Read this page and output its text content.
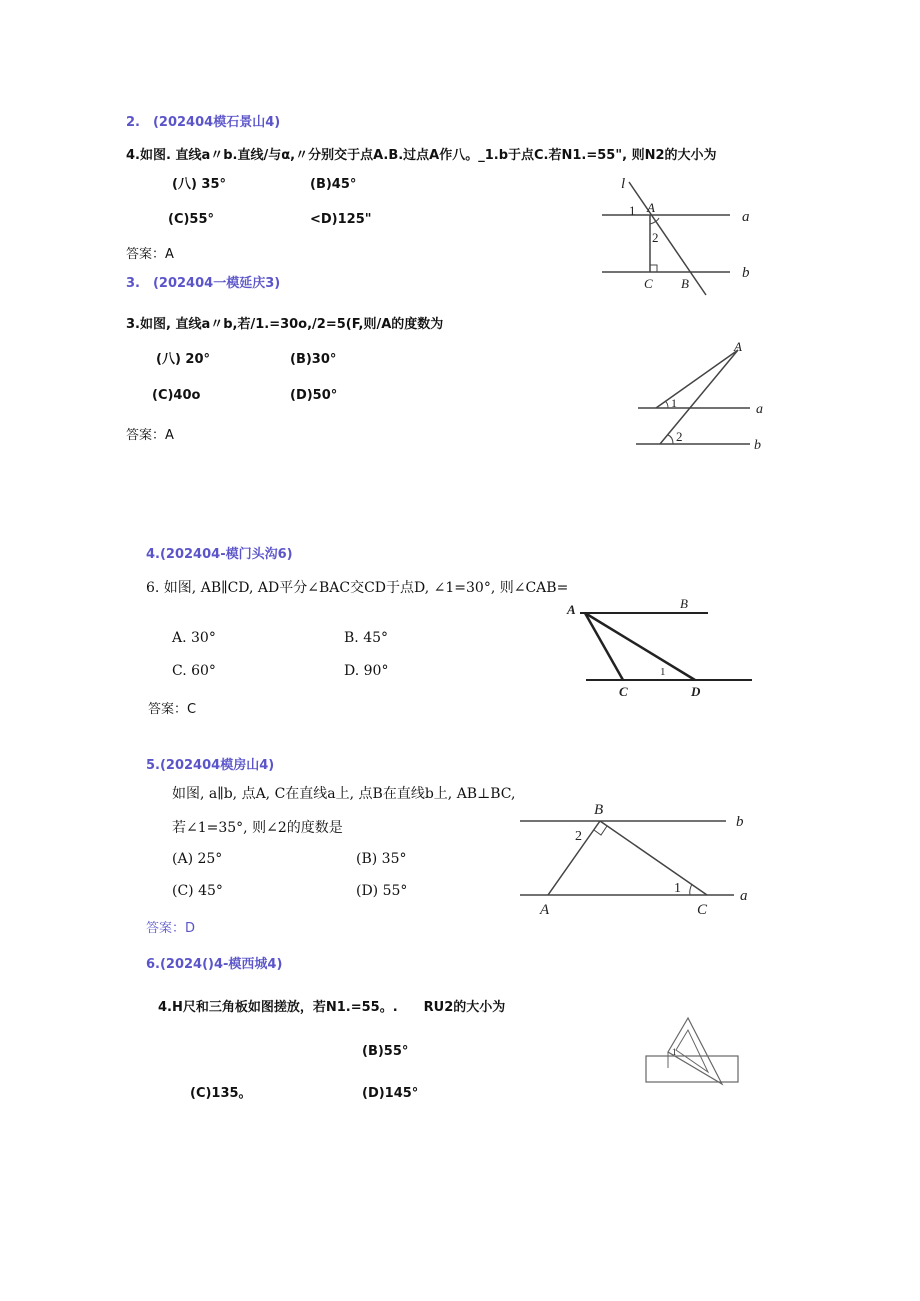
2.　(202404模石景山4)
4.如图. 直线a〃b.直线/与α,〃分别交于点A.B.过点A作八。_1.b于点C.若N1.=55", 则N2的大小为
(八) 35°	(B)45°
(C)55°	<D)125"
答案：A
l
1 A
2
a
b
C B
3.　(202404一模延庆3)
3.如图, 直线a〃b,若/1.=30o,/2=5(F,则/A的度数为
(八) 20°	(B)30°
(C)40o	(D)50°
答案：A
A
1	a
2
b
4.(202404-模门头沟6)
6. 如图, AB∥CD, AD平分∠BAC交CD于点D, ∠1=30°, 则∠CAB=
A. 30°	B. 45°
C. 60°	D. 90°
答案：C
A	B
1
C	D
5.(202404模房山4)
如图, a∥b, 点A, C在直线a上, 点B在直线b上, AB⊥BC,
若∠1=35°, 则∠2的度数是
(A) 25°	(B) 35°
(C) 45°	(D) 55°
答案：D
B
b
2
1	a
A	C
6.(2024()4-模西城4)
4.H尺和三角板如图搓放，若N1.=55。.　　RU2的大小为
(B)55°
(C)135。	(D)145°
1
